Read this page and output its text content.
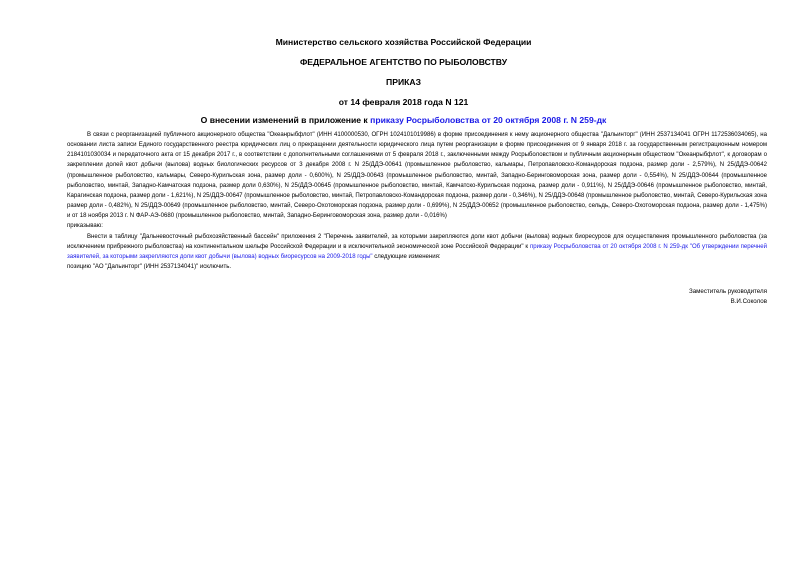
Министерство сельского хозяйства Российской Федерации
ФЕДЕРАЛЬНОЕ АГЕНТСТВО ПО РЫБОЛОВСТВУ
ПРИКАЗ
от 14 февраля 2018 года N 121
О внесении изменений в приложение к приказу Росрыболовства от 20 октября 2008 г. N 259-дк

В связи с реорганизацией публичного акционерного общества "Океанрыбфлот" (ИНН 4100000530, ОГРН 1024101019986) в форме присоединения к нему акционерного общества "Дальинторг" (ИНН 2537134041 ОГРН 1172536034065), на основании листа записи Единого государственного реестра юридических лиц о прекращении деятельности юридического лица путем реорганизации в форме присоединения от 9 января 2018 г. за государственным регистрационным номером 2184101030034 и передаточного акта от 15 декабря 2017 г., в соответствии с дополнительными соглашениями от 5 февраля 2018 г., заключенными между Росрыболовством и публичным акционерным обществом "Океанрыбфлот", к договорам о закреплении долей квот добычи (вылова) водных биологических ресурсов от 3 декабря 2008 г. N 25/ДДЭ-00641 (промышленное рыболовство, кальмары, Петропавловско-Командорская подзона, размер доли - 2,579%), N 25/ДДЭ-00642 (промышленное рыболовство, кальмары, Северо-Курильская зона, размер доли - 0,600%), N 25/ДДЭ-00643 (промышленное рыболовство, минтай, Западно-Беринговоморская зона, размер доли - 0,554%), N 25/ДДЭ-00644 (промышленное рыболовство, минтай, Западно-Камчатская подзона, размер доли 0,630%), N 25/ДДЭ-00645 (промышленное рыболовство, минтай, Камчатско-Курильская подзона, размер доли - 0,911%), N 25/ДДЭ-00646 (промышленное рыболовство, минтай, Карагинская подзона, размер доли - 1,621%), N 25/ДДЭ-00647 (промышленное рыболовство, минтай, Петропавловско-Командорская подзона, размер доли - 0,346%), N 25/ДДЭ-00648 (промышленное рыболовство, минтай, Северо-Курильская зона размер доли - 0,482%), N 25/ДДЭ-00649 (промышленное рыболовство, минтай, Северо-Охотоморская подзона, размер доли - 0,699%), N 25/ДДЭ-00652 (промышленное рыболовство, сельдь, Северо-Охотоморская подзона, размер доли - 1,475%) и от 18 ноября 2013 г. N ФАР-АЭ-0680 (промышленное рыболовство, минтай, Западно-Беринговоморская зона, размер доли - 0,016%)

приказываю:

Внести в таблицу "Дальневосточный рыбохозяйственный бассейн" приложения 2 "Перечень заявителей, за которыми закрепляются доли квот добычи (вылова) водных биоресурсов для осуществления промышленного рыболовства (за исключением прибрежного рыболовства) на континентальном шельфе Российской Федерации и в исключительной экономической зоне Российской Федерации" к приказу Росрыболовства от 20 октября 2008 г. N 259-дк "Об утверждении перечней заявителей, за которыми закрепляются доли квот добычи (вылова) водных биоресурсов на 2009-2018 годы" следующие изменения:

позицию "АО "Дальинторг" (ИНН 2537134041)" исключить.

Заместитель руководителя
В.И.Соколов
